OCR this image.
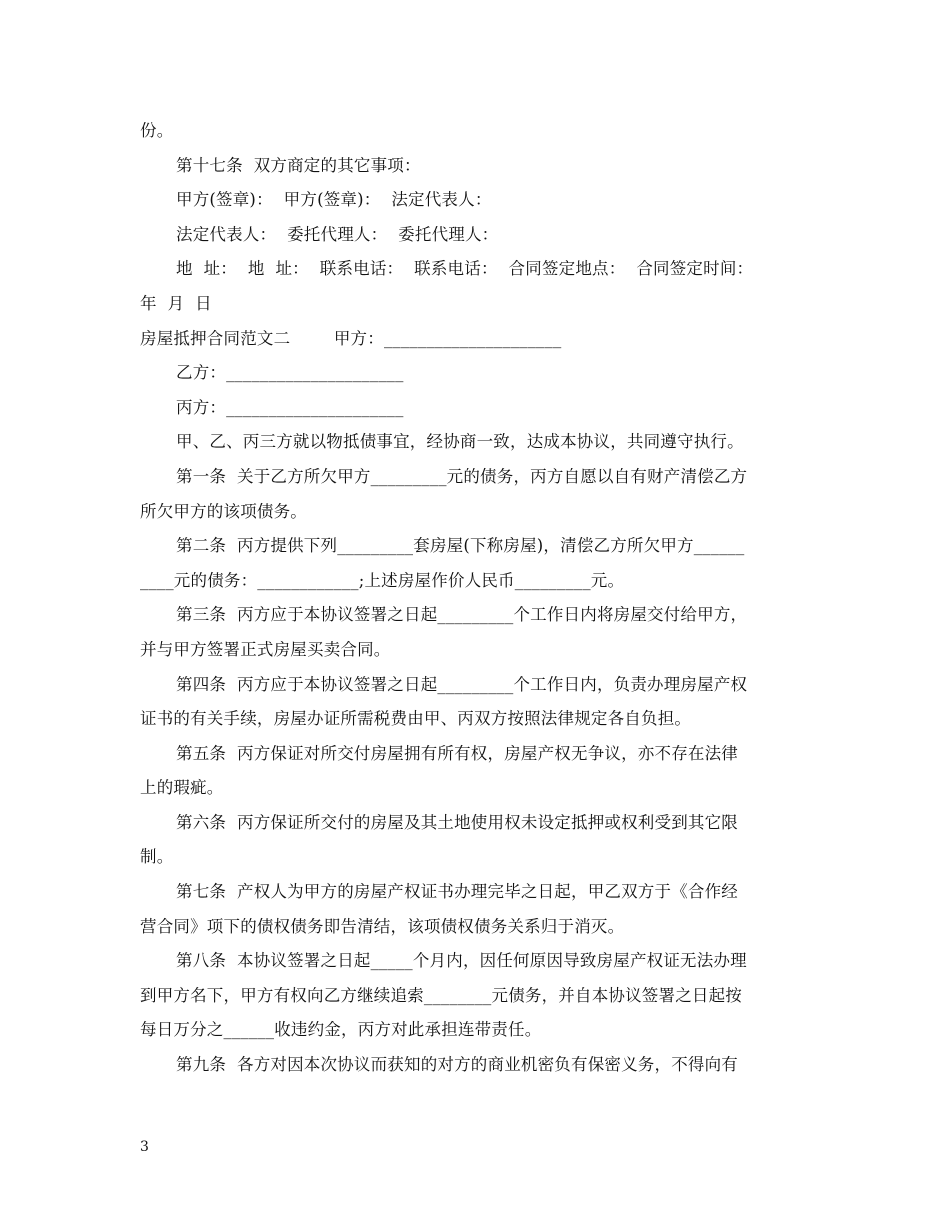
份。
第十七条  双方商定的其它事项：
甲方(签章)：  甲方(签章)：  法定代表人：
法定代表人：  委托代理人：  委托代理人：
地  址：  地  址：  联系电话：  联系电话：  合同签定地点：  合同签定时间：
年  月  日
房屋抵押合同范文二        甲方：_____________________
乙方：_____________________
丙方：_____________________
甲、乙、丙三方就以物抵债事宜，经协商一致，达成本协议，共同遵守执行。
第一条  关于乙方所欠甲方_________元的债务，丙方自愿以自有财产清偿乙方
所欠甲方的该项债务。
第二条  丙方提供下列_________套房屋(下称房屋)，清偿乙方所欠甲方______
____元的债务：____________;上述房屋作价人民币_________元。
第三条  丙方应于本协议签署之日起_________个工作日内将房屋交付给甲方，
并与甲方签署正式房屋买卖合同。
第四条  丙方应于本协议签署之日起_________个工作日内，负责办理房屋产权
证书的有关手续，房屋办证所需税费由甲、丙双方按照法律规定各自负担。
第五条  丙方保证对所交付房屋拥有所有权，房屋产权无争议，亦不存在法律
上的瑕疵。
第六条  丙方保证所交付的房屋及其土地使用权未设定抵押或权利受到其它限
制。
第七条  产权人为甲方的房屋产权证书办理完毕之日起，甲乙双方于《合作经
营合同》项下的债权债务即告清结，该项债权债务关系归于消灭。
第八条  本协议签署之日起_____个月内，因任何原因导致房屋产权证无法办理
到甲方名下，甲方有权向乙方继续追索________元债务，并自本协议签署之日起按
每日万分之______收违约金，丙方对此承担连带责任。
第九条  各方对因本次协议而获知的对方的商业机密负有保密义务，不得向有
3
